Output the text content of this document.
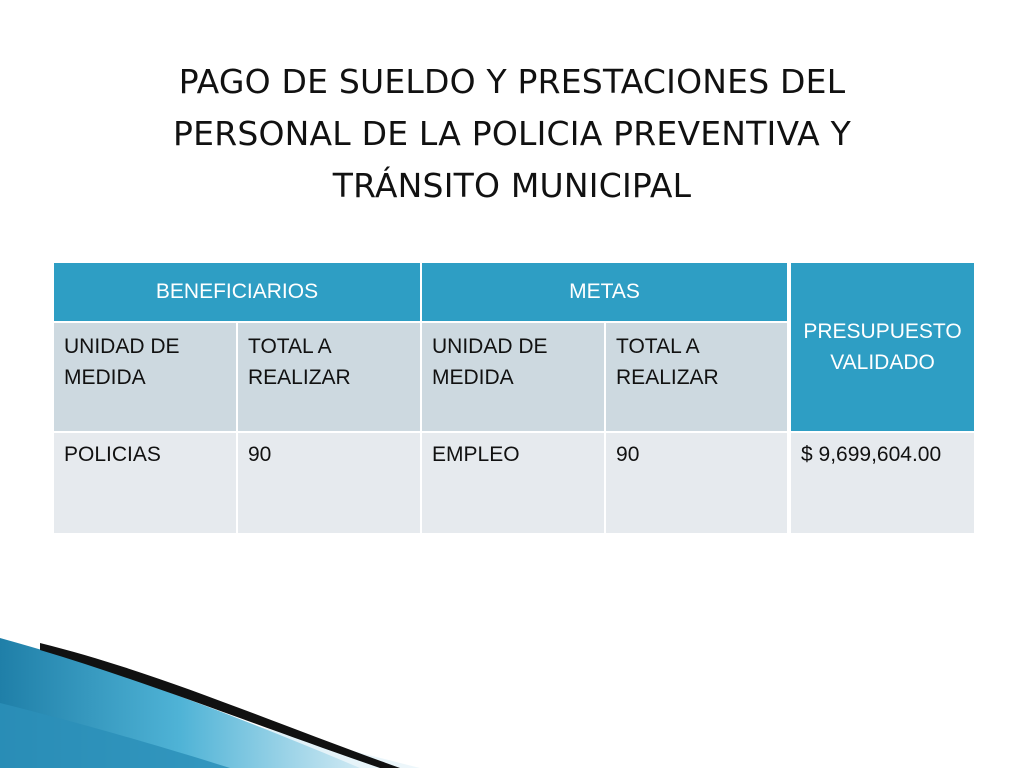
PAGO DE SUELDO Y PRESTACIONES DEL
PERSONAL DE LA POLICIA PREVENTIVA Y
TRÁNSITO MUNICIPAL
BENEFICIARIOS		METAS		PRESUPUESTO VALIDADO
UNIDAD DE MEDIDA	TOTAL A REALIZAR	UNIDAD DE MEDIDA	TOTAL A REALIZAR	
POLICIAS	90	EMPLEO	90	$ 9,699,604.00
